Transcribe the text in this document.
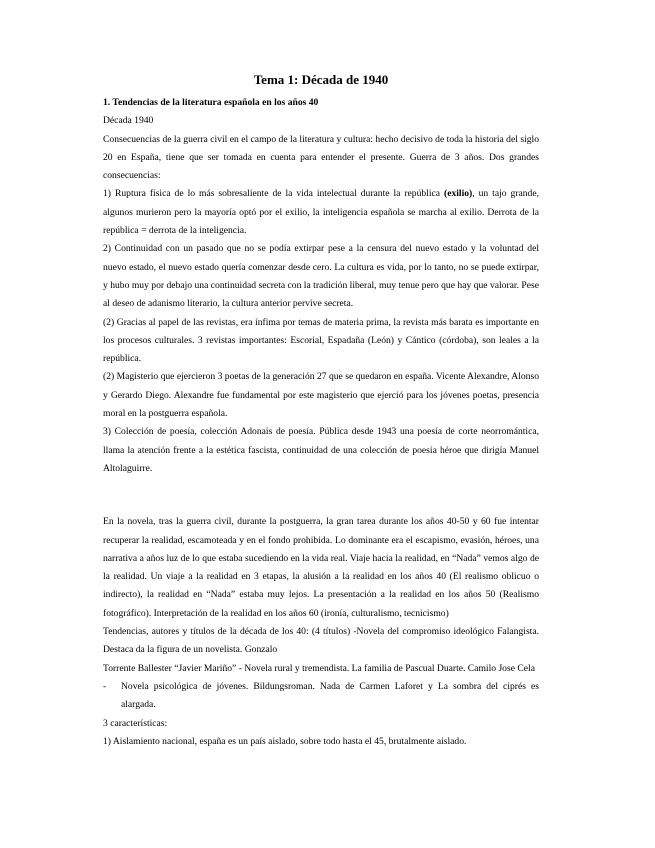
Tema 1: Década de 1940

1. Tendencias de la literatura española en los años 40

Década 1940

Consecuencias de la guerra civil en el campo de la literatura y cultura: hecho decisivo de toda la historia del siglo 20 en España, tiene que ser tomada en cuenta para entender el presente. Guerra de 3 años. Dos grandes consecuencias:

1) Ruptura física de lo más sobresaliente de la vida intelectual durante la república (exilio), un tajo grande, algunos murieron pero la mayoría optó por el exilio, la inteligencia española se marcha al exilio. Derrota de la república = derrota de la inteligencia.

2) Continuidad con un pasado que no se podía extirpar pese a la censura del nuevo estado y la voluntad del nuevo estado, el nuevo estado quería comenzar desde cero. La cultura es vida, por lo tanto, no se puede extirpar, y hubo muy por debajo una continuidad secreta con la tradición liberal, muy tenue pero que hay que valorar. Pese al deseo de adanismo literario, la cultura anterior pervive secreta.

(2) Gracias al papel de las revistas, era ínfima por temas de materia prima, la revista más barata es importante en los procesos culturales. 3 revistas importantes: Escorial, Espadaña (León) y Cántico (córdoba), son leales a la república.

(2) Magisterio que ejercieron 3 poetas de la generación 27 que se quedaron en españa. Vicente Alexandre, Alonso y Gerardo Diego. Alexandre fue fundamental por este magisterio que ejerció para los jóvenes poetas, presencia moral en la postguerra española.

3) Colección de poesía, colección Adonais de poesía. Pública desde 1943 una poesía de corte neorromántica, llama la atención frente a la estética fascista, continuidad de una colección de poesía héroe que dirigía Manuel Altolaguirre.

En la novela, tras la guerra civil, durante la postguerra, la gran tarea durante los años 40-50 y 60 fue intentar recuperar la realidad, escamoteada y en el fondo prohibida. Lo dominante era el escapismo, evasión, héroes, una narrativa a años luz de lo que estaba sucediendo en la vida real. Viaje hacia la realidad, en “Nada” vemos algo de la realidad. Un viaje a la realidad en 3 etapas, la alusión a la realidad en los años 40 (El realismo oblicuo o indirecto), la realidad en “Nada” estaba muy lejos. La presentación a la realidad en los años 50 (Realismo fotográfico). Interpretación de la realidad en los años 60 (ironía, culturalismo, tecnicismo)

Tendencias, autores y títulos de la década de los 40: (4 títulos) -Novela del compromiso ideológico Falangista. Destaca da la figura de un novelista. Gonzalo

Torrente Ballester “Javier Mariño” - Novela rural y tremendista. La familia de Pascual Duarte. Camilo Jose Cela

-	Novela psicológica de jóvenes. Bildungsroman. Nada de Carmen Laforet y La sombra del ciprés es alargada.

3 características:

1) Aislamiento nacional, españa es un país aislado, sobre todo hasta el 45, brutalmente aislado.
